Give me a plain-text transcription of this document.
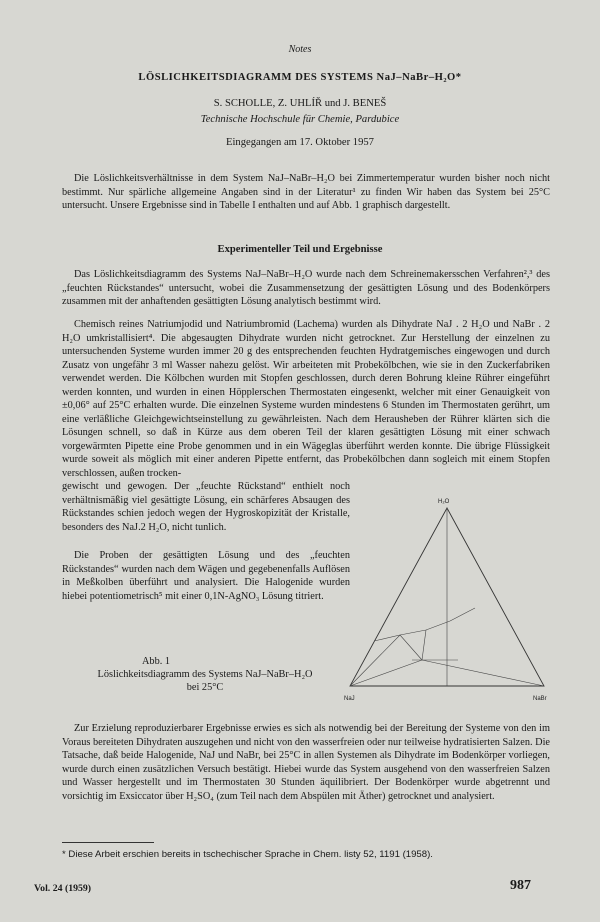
Notes
LÖSLICHKEITSDIAGRAMM DES SYSTEMS NaJ–NaBr–H₂O*
S. SCHOLLE, Z. UHLÍŘ und J. BENEŠ
Technische Hochschule für Chemie, Pardubice
Eingegangen am 17. Oktober 1957

Die Löslichkeitsverhältnisse in dem System NaJ–NaBr–H₂O bei Zimmertemperatur wurden bisher noch nicht bestimmt. Nur spärliche allgemeine Angaben sind in der Literatur¹ zu finden Wir haben das System bei 25°C untersucht. Unsere Ergebnisse sind in Tabelle I enthalten und auf Abb. 1 graphisch dargestellt.

Experimenteller Teil und Ergebnisse

Das Löslichkeitsdiagramm des Systems NaJ–NaBr–H₂O wurde nach dem Schreinemakersschen Verfahren²,³ des „feuchten Rückstandes“ untersucht, wobei die Zusammensetzung der gesättigten Lösung und des Bodenkörpers zusammen mit der anhaftenden gesättigten Lösung analytisch bestimmt wird.

Chemisch reines Natriumjodid und Natriumbromid (Lachema) wurden als Dihydrate NaJ . 2 H₂O und NaBr . 2 H₂O umkristallisiert⁴. Die abgesaugten Dihydrate wurden nicht getrocknet. Zur Herstellung der einzelnen zu untersuchenden Systeme wurden immer 20 g des entsprechenden feuchten Hydratgemisches eingewogen und durch Zusatz von ungefähr 3 ml Wasser nahezu gelöst. Wir arbeiteten mit Probekölbchen, wie sie in den Zuckerfabriken verwendet werden. Die Kölbchen wurden mit Stopfen geschlossen, durch deren Bohrung kleine Rührer eingeführt werden konnten, und wurden in einen Höpplerschen Thermostaten eingesenkt, welcher mit einer Genauigkeit von ±0,06° auf 25°C erhalten wurde. Die einzelnen Systeme wurden mindestens 6 Stunden im Thermostaten gerührt, um eine verläßliche Gleichgewichtseinstellung zu gewährleisten. Nach dem Herausheben der Rührer klärten sich die Lösungen schnell, so daß in Kürze aus dem oberen Teil der klaren gesättigten Lösung mit einer schwach vorgewärmten Pipette eine Probe genommen und in ein Wägeglas überführt werden konnte. Die übrige Flüssigkeit wurde soweit als möglich mit einer anderen Pipette entfernt, das Probekölbchen dann sogleich mit einem Stopfen verschlossen, außen trocken-

gewischt und gewogen. Der „feuchte Rückstand“ enthielt noch verhältnismäßig viel gesättigte Lösung, ein schärferes Absaugen des Rückstandes schien jedoch wegen der Hygroskopizität der Kristalle, besonders des NaJ.2 H₂O, nicht tunlich.

Die Proben der gesättigten Lösung und des „feuchten Rückstandes“ wurden nach dem Wägen und gegebenenfalls Auflösen in Meßkolben überführt und analysiert. Die Halogenide wurden hiebei potentiometrisch⁵ mit einer 0,1N-AgNO₃ Lösung titriert.

Abb. 1
Löslichkeitsdiagramm des Systems NaJ–NaBr–H₂O
bei 25°C
H₂O
NaJ	NaBr

Zur Erzielung reproduzierbarer Ergebnisse erwies es sich als notwendig bei der Bereitung der Systeme von den im Voraus bereiteten Dihydraten auszugehen und nicht von den wasserfreien oder nur teilweise hydratisierten Salzen. Die Tatsache, daß beide Halogenide, NaJ und NaBr, bei 25°C in allen Systemen als Dihydrate im Bodenkörper vorliegen, wurde durch einen zusätzlichen Versuch bestätigt. Hiebei wurde das System ausgehend von den wasserfreien Salzen und Wasser hergestellt und im Thermostaten 30 Stunden äquilibriert. Der Bodenkörper wurde abgetrennt und vorsichtig im Exsiccator über H₂SO₄ (zum Teil nach dem Abspülen mit Äther) getrocknet und analysiert.

* Diese Arbeit erschien bereits in tschechischer Sprache in Chem. listy 52, 1191 (1958).
Vol. 24 (1959)	987
